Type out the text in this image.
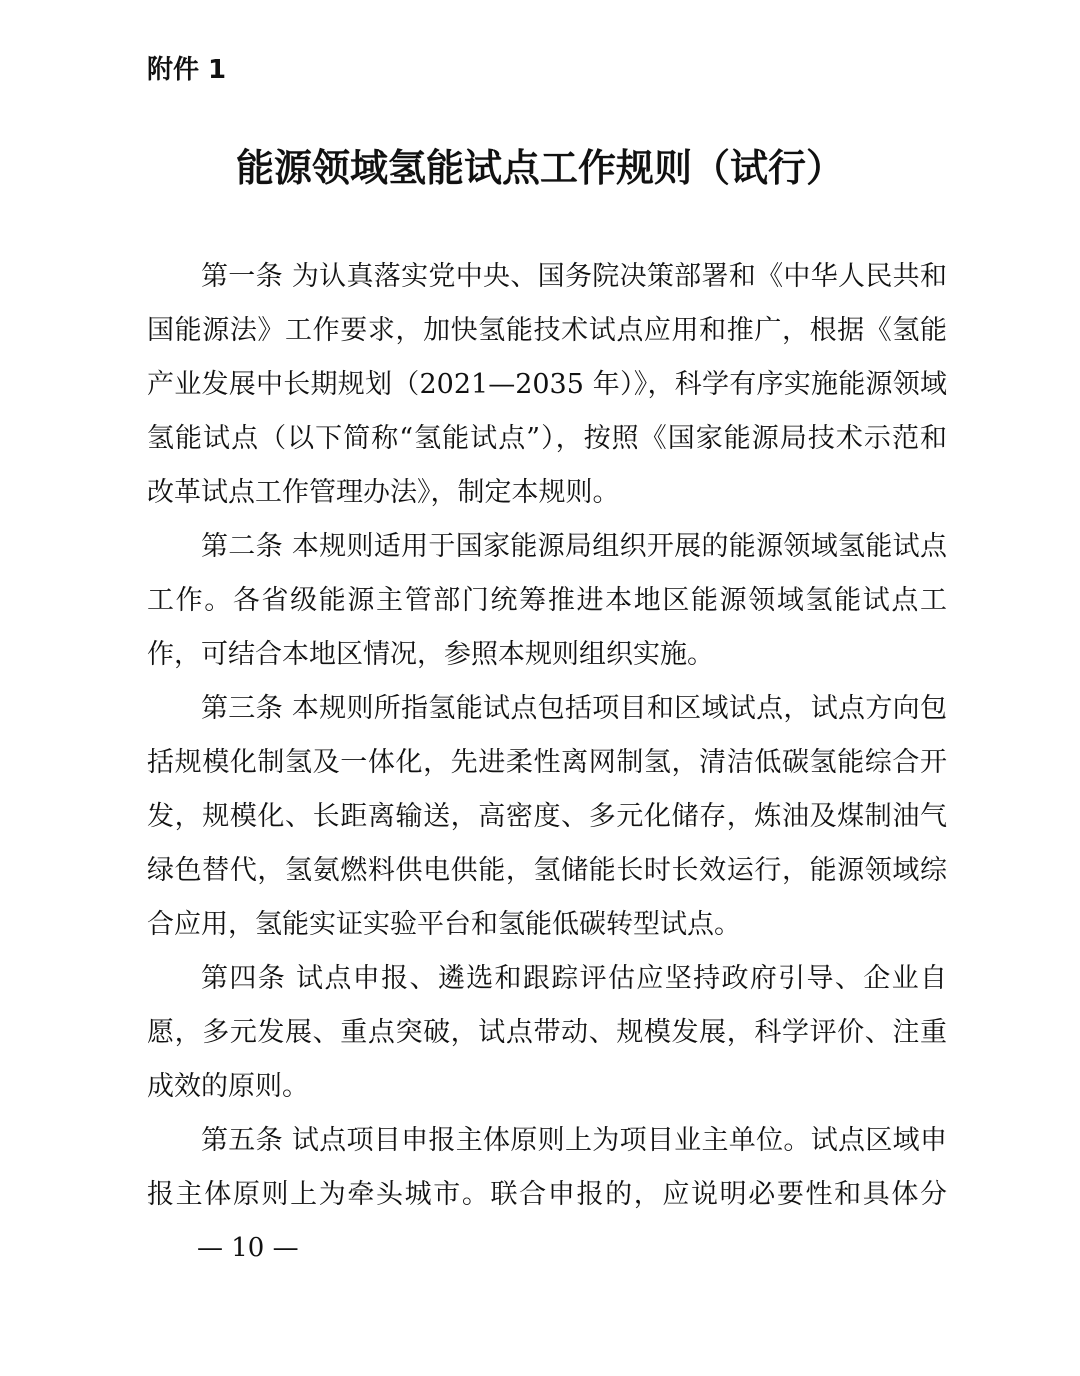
附件 1
能源领域氢能试点工作规则（试行）
第一条 为认真落实党中央、国务院决策部署和《中华人民共和
国能源法》工作要求，加快氢能技术试点应用和推广，根据《氢能
产业发展中长期规划（2021—2035 年）》，科学有序实施能源领域
氢能试点（以下简称“氢能试点”），按照《国家能源局技术示范和
改革试点工作管理办法》，制定本规则。
第二条 本规则适用于国家能源局组织开展的能源领域氢能试点
工作。各省级能源主管部门统筹推进本地区能源领域氢能试点工
作，可结合本地区情况，参照本规则组织实施。
第三条 本规则所指氢能试点包括项目和区域试点，试点方向包
括规模化制氢及一体化，先进柔性离网制氢，清洁低碳氢能综合开
发，规模化、长距离输送，高密度、多元化储存，炼油及煤制油气
绿色替代，氢氨燃料供电供能，氢储能长时长效运行，能源领域综
合应用，氢能实证实验平台和氢能低碳转型试点。
第四条 试点申报、遴选和跟踪评估应坚持政府引导、企业自
愿，多元发展、重点突破，试点带动、规模发展，科学评价、注重
成效的原则。
第五条 试点项目申报主体原则上为项目业主单位。试点区域申
报主体原则上为牵头城市。联合申报的，应说明必要性和具体分
— 10 —
